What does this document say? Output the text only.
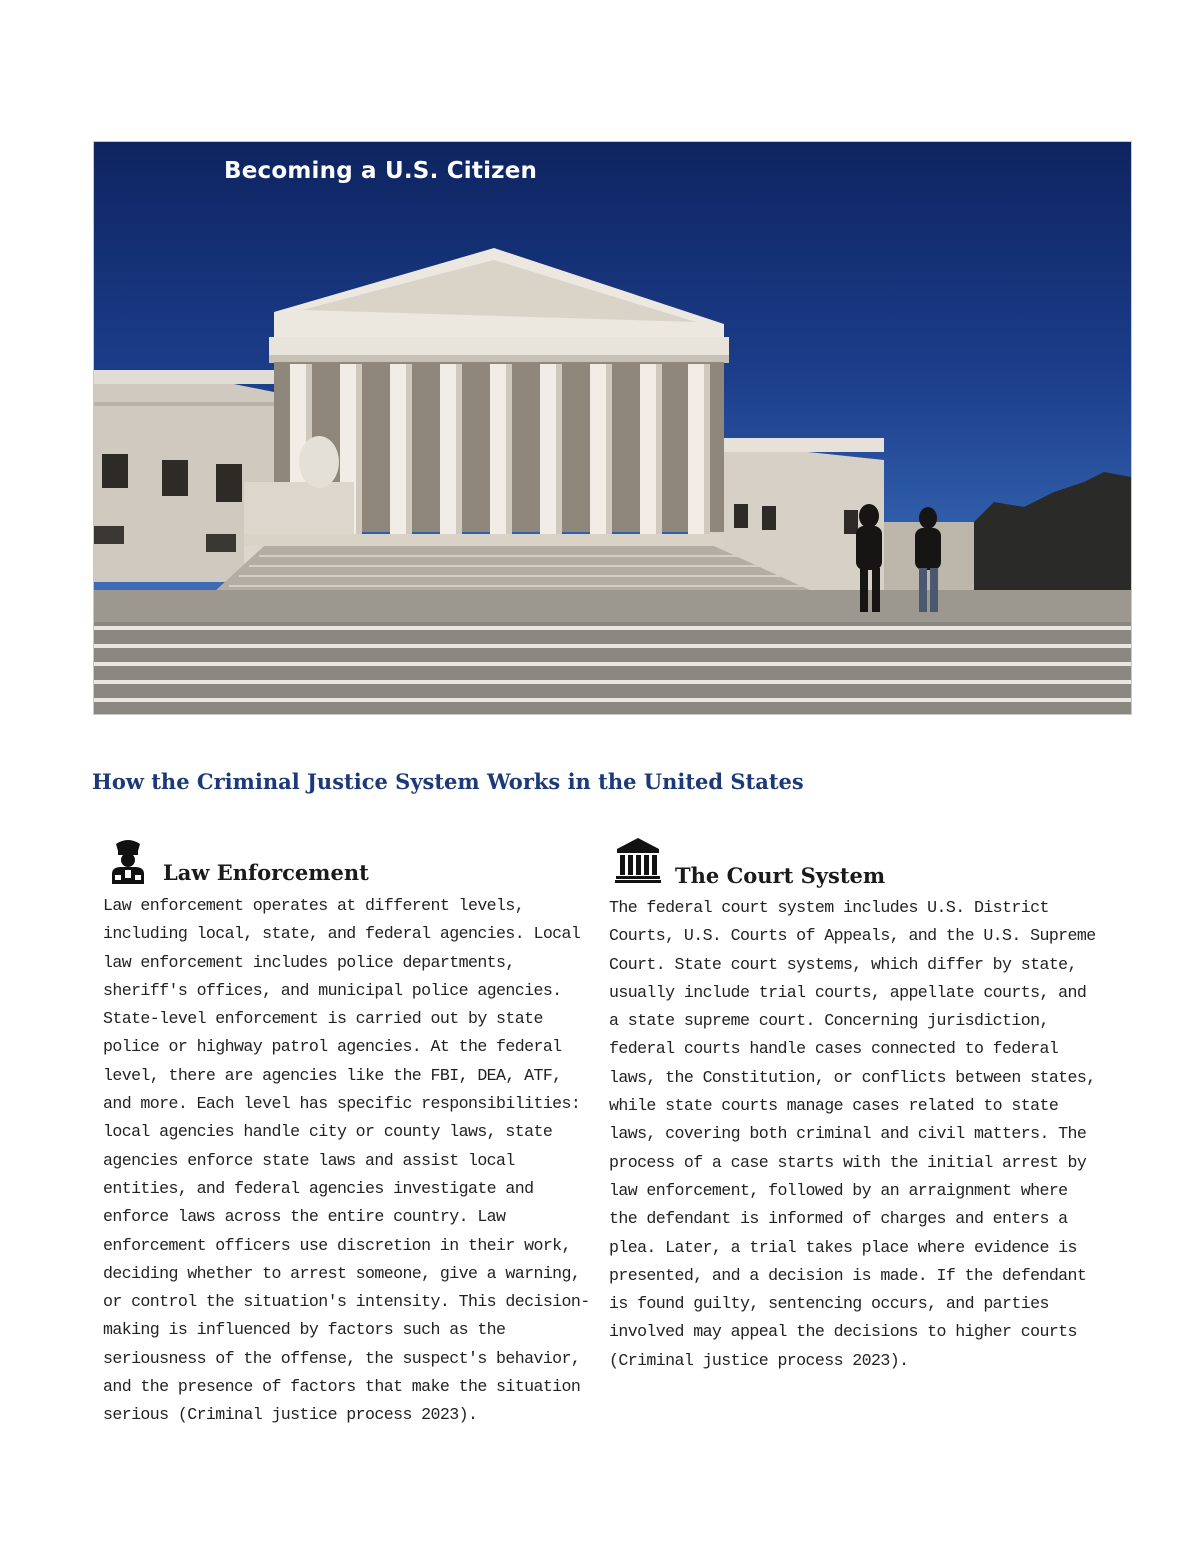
Becoming a U.S. Citizen
How the Criminal Justice System Works in the United States
Law Enforcement

Law enforcement operates at different levels, including local, state, and federal agencies. Local law enforcement includes police departments, sheriff's offices, and municipal police agencies. State-level enforcement is carried out by state police or highway patrol agencies. At the federal level, there are agencies like the FBI, DEA, ATF, and more. Each level has specific responsibilities: local agencies handle city or county laws, state agencies enforce state laws and assist local entities, and federal agencies investigate and enforce laws across the entire country. Law enforcement officers use discretion in their work, deciding whether to arrest someone, give a warning, or control the situation's intensity. This decision-making is influenced by factors such as the seriousness of the offense, the suspect's behavior, and the presence of factors that make the situation serious (Criminal justice process 2023).

The Court System

The federal court system includes U.S. District Courts, U.S. Courts of Appeals, and the U.S. Supreme Court. State court systems, which differ by state, usually include trial courts, appellate courts, and a state supreme court. Concerning jurisdiction, federal courts handle cases connected to federal laws, the Constitution, or conflicts between states, while state courts manage cases related to state laws, covering both criminal and civil matters. The process of a case starts with the initial arrest by law enforcement, followed by an arraignment where the defendant is informed of charges and enters a plea. Later, a trial takes place where evidence is presented, and a decision is made. If the defendant is found guilty, sentencing occurs, and parties involved may appeal the decisions to higher courts (Criminal justice process 2023).
